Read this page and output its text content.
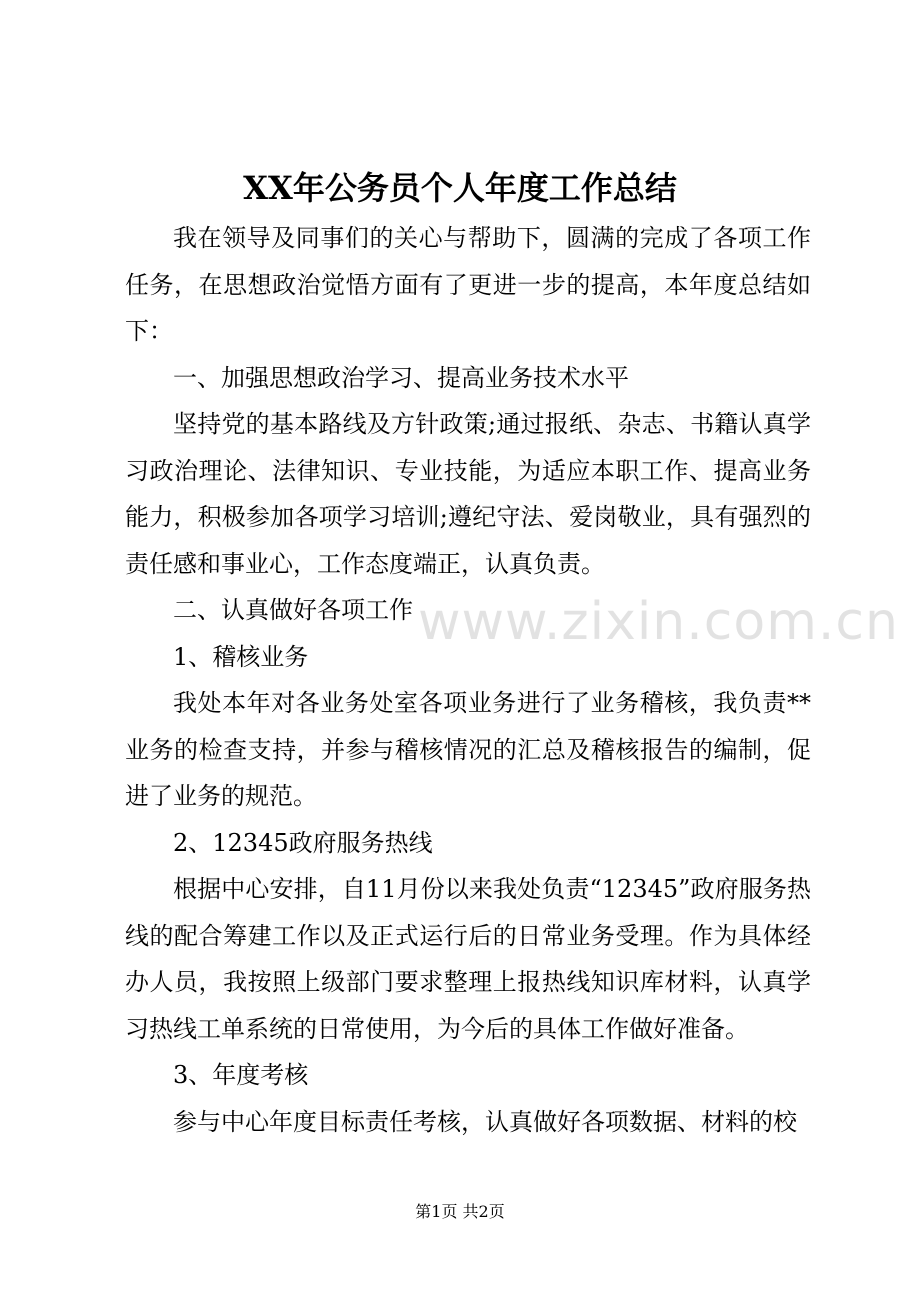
XX年公务员个人年度工作总结

我在领导及同事们的关心与帮助下，圆满的完成了各项工作任务，在思想政治觉悟方面有了更进一步的提高，本年度总结如下：

一、加强思想政治学习、提高业务技术水平

坚持党的基本路线及方针政策;通过报纸、杂志、书籍认真学习政治理论、法律知识、专业技能，为适应本职工作、提高业务能力，积极参加各项学习培训;遵纪守法、爱岗敬业，具有强烈的责任感和事业心，工作态度端正，认真负责。

二、认真做好各项工作

1、稽核业务

我处本年对各业务处室各项业务进行了业务稽核，我负责**业务的检查支持，并参与稽核情况的汇总及稽核报告的编制，促进了业务的规范。

2、12345政府服务热线

根据中心安排，自11月份以来我处负责“12345”政府服务热线的配合筹建工作以及正式运行后的日常业务受理。作为具体经办人员，我按照上级部门要求整理上报热线知识库材料，认真学习热线工单系统的日常使用，为今后的具体工作做好准备。

3、年度考核

参与中心年度目标责任考核，认真做好各项数据、材料的校

www.zixin.com.cn
第1页 共2页
